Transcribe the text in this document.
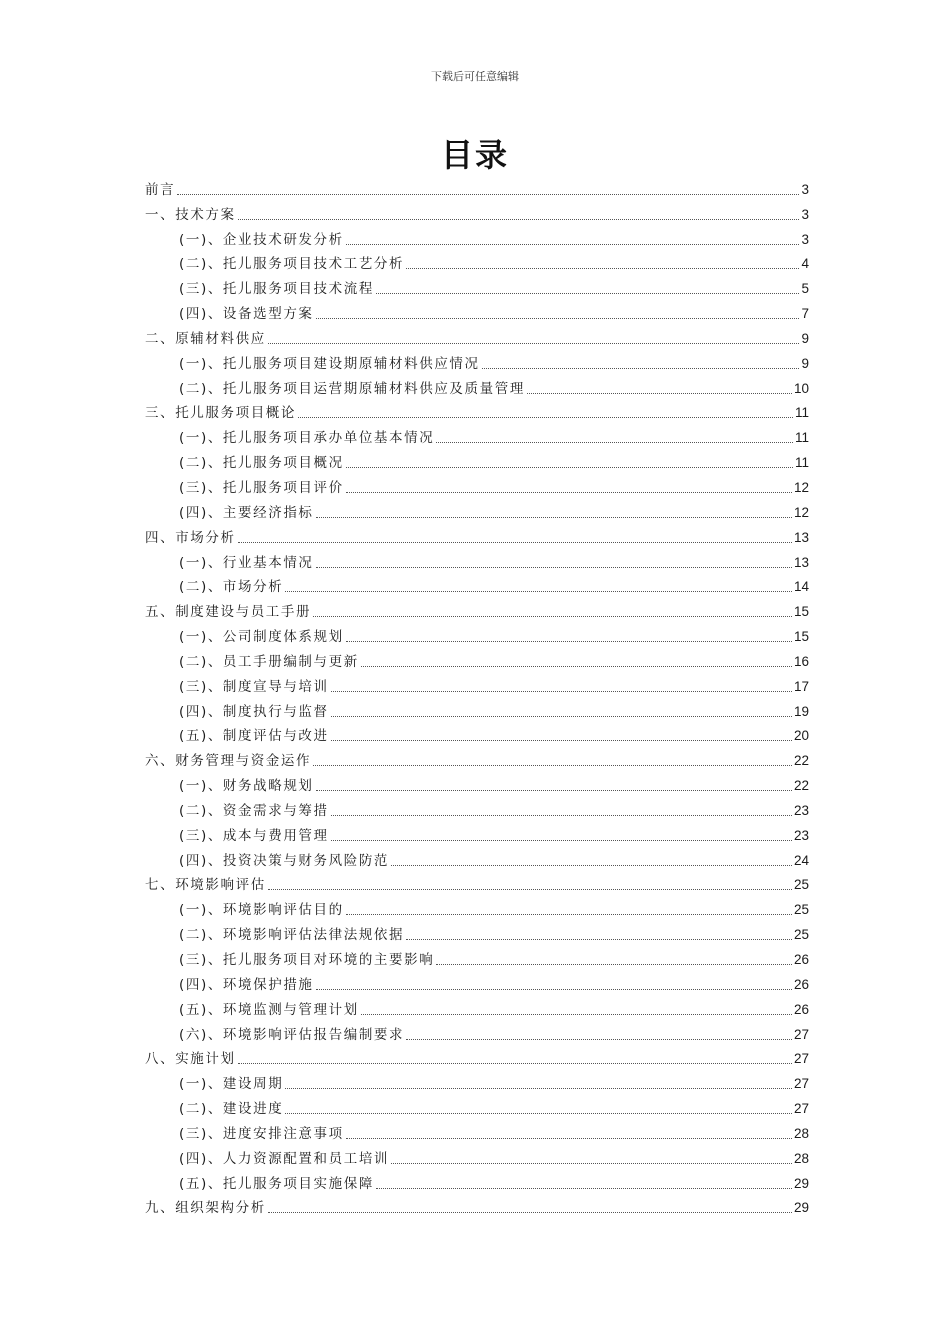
下载后可任意编辑
目录
前言	3
一、技术方案	3
(一)、企业技术研发分析	3
(二)、托儿服务项目技术工艺分析	4
(三)、托儿服务项目技术流程	5
(四)、设备选型方案	7
二、原辅材料供应	9
(一)、托儿服务项目建设期原辅材料供应情况	9
(二)、托儿服务项目运营期原辅材料供应及质量管理	10
三、托儿服务项目概论	11
(一)、托儿服务项目承办单位基本情况	11
(二)、托儿服务项目概况	11
(三)、托儿服务项目评价	12
(四)、主要经济指标	12
四、市场分析	13
(一)、行业基本情况	13
(二)、市场分析	14
五、制度建设与员工手册	15
(一)、公司制度体系规划	15
(二)、员工手册编制与更新	16
(三)、制度宣导与培训	17
(四)、制度执行与监督	19
(五)、制度评估与改进	20
六、财务管理与资金运作	22
(一)、财务战略规划	22
(二)、资金需求与筹措	23
(三)、成本与费用管理	23
(四)、投资决策与财务风险防范	24
七、环境影响评估	25
(一)、环境影响评估目的	25
(二)、环境影响评估法律法规依据	25
(三)、托儿服务项目对环境的主要影响	26
(四)、环境保护措施	26
(五)、环境监测与管理计划	26
(六)、环境影响评估报告编制要求	27
八、实施计划	27
(一)、建设周期	27
(二)、建设进度	27
(三)、进度安排注意事项	28
(四)、人力资源配置和员工培训	28
(五)、托儿服务项目实施保障	29
九、组织架构分析	29
